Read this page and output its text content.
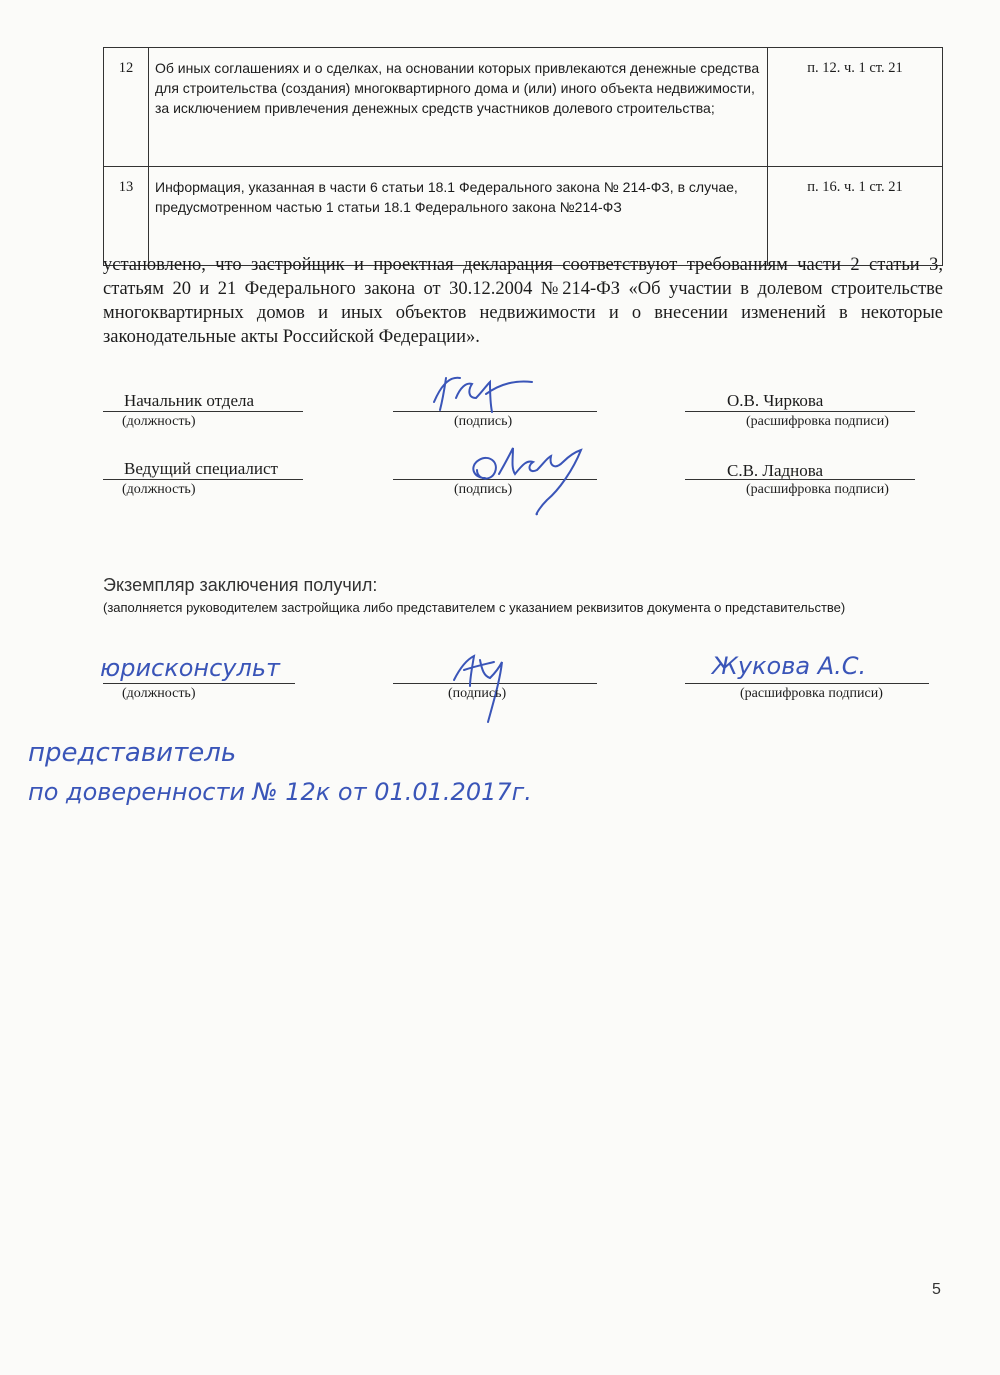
12	Об иных соглашениях и о сделках, на основании которых привлекаются денежные средства для строительства (создания) многоквартирного дома и (или) иного объекта недвижимости, за исключением привлечения денежных средств участников долевого строительства;	п. 12. ч. 1 ст. 21
13	Информация, указанная в части 6 статьи 18.1 Федерального закона № 214-ФЗ, в случае, предусмотренном частью 1 статьи 18.1 Федерального закона №214-ФЗ	п. 16. ч. 1 ст. 21
установлено, что застройщик и проектная декларация соответствуют требованиям части 2 статьи 3, статьям 20 и 21 Федерального закона от 30.12.2004 №214-ФЗ «Об участии в долевом строительстве многоквартирных домов и иных объектов недвижимости и о внесении изменений в некоторые законодательные акты Российской Федерации».
Начальник отдела
(должность)	(подпись)
О.В. Чиркова
(расшифровка подписи)
Ведущий специалист
(должность)	(подпись)
С.В. Ладнова
(расшифровка подписи)
Экземпляр заключения получил:
(заполняется руководителем застройщика либо представителем с указанием реквизитов документа о представительстве)
юрисконсульт
(должность)	(подпись)
Жукова А.С.
(расшифровка подписи)
представитель
по доверенности № 12к от 01.01.2017г.
5
